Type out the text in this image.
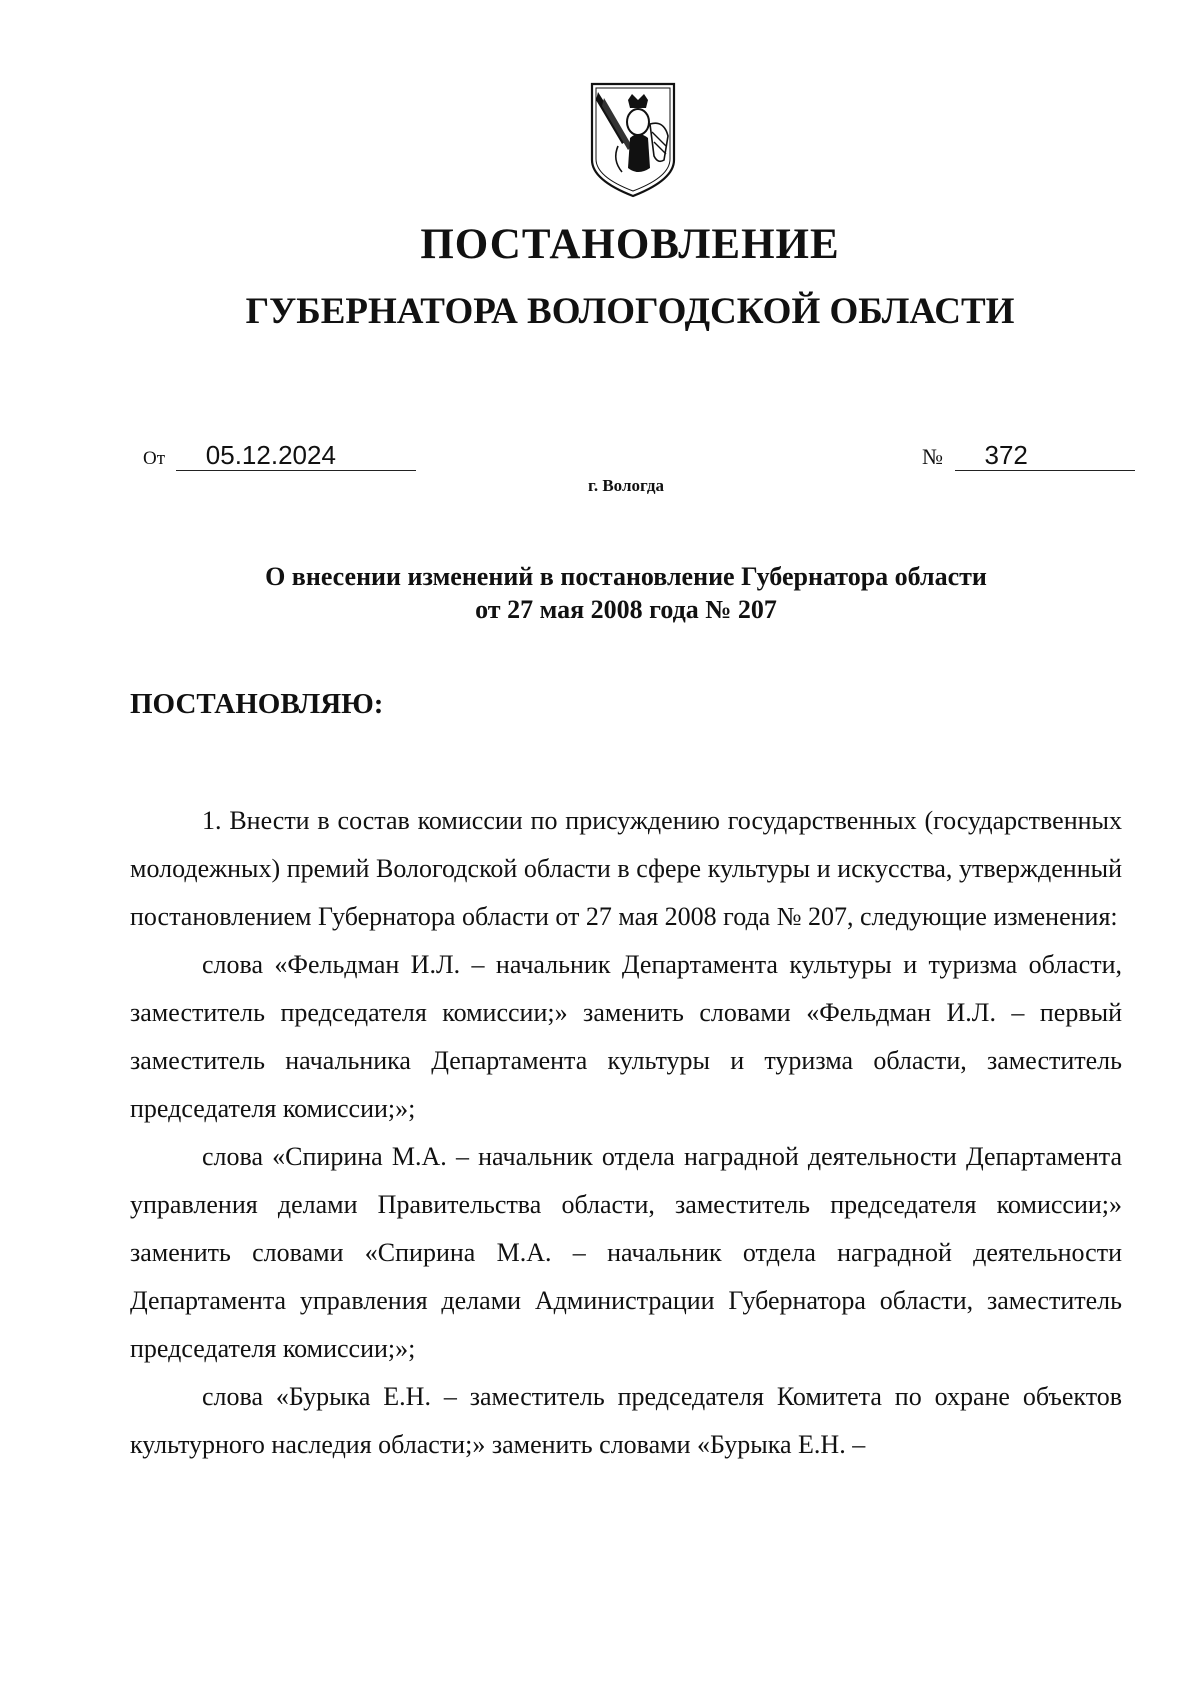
ПОСТАНОВЛЕНИЕ
ГУБЕРНАТОРА ВОЛОГОДСКОЙ ОБЛАСТИ
От 05.12.2024	№ 372
г. Вологда
О внесении изменений в постановление Губернатора области
от 27 мая 2008 года № 207
ПОСТАНОВЛЯЮ:

1. Внести в состав комиссии по присуждению государственных (государственных молодежных) премий Вологодской области в сфере культуры и искусства, утвержденный постановлением Губернатора области от 27 мая 2008 года № 207, следующие изменения:

слова «Фельдман И.Л. – начальник Департамента культуры и туризма области, заместитель председателя комиссии;» заменить словами «Фельдман И.Л. – первый заместитель начальника Департамента культуры и туризма области, заместитель председателя комиссии;»;

слова «Спирина М.А. – начальник отдела наградной деятельности Департамента управления делами Правительства области, заместитель председателя комиссии;» заменить словами «Спирина М.А. – начальник отдела наградной деятельности Департамента управления делами Администрации Губернатора области, заместитель председателя комиссии;»;

слова «Бурыка Е.Н. – заместитель председателя Комитета по охране объектов культурного наследия области;» заменить словами «Бурыка Е.Н. –
